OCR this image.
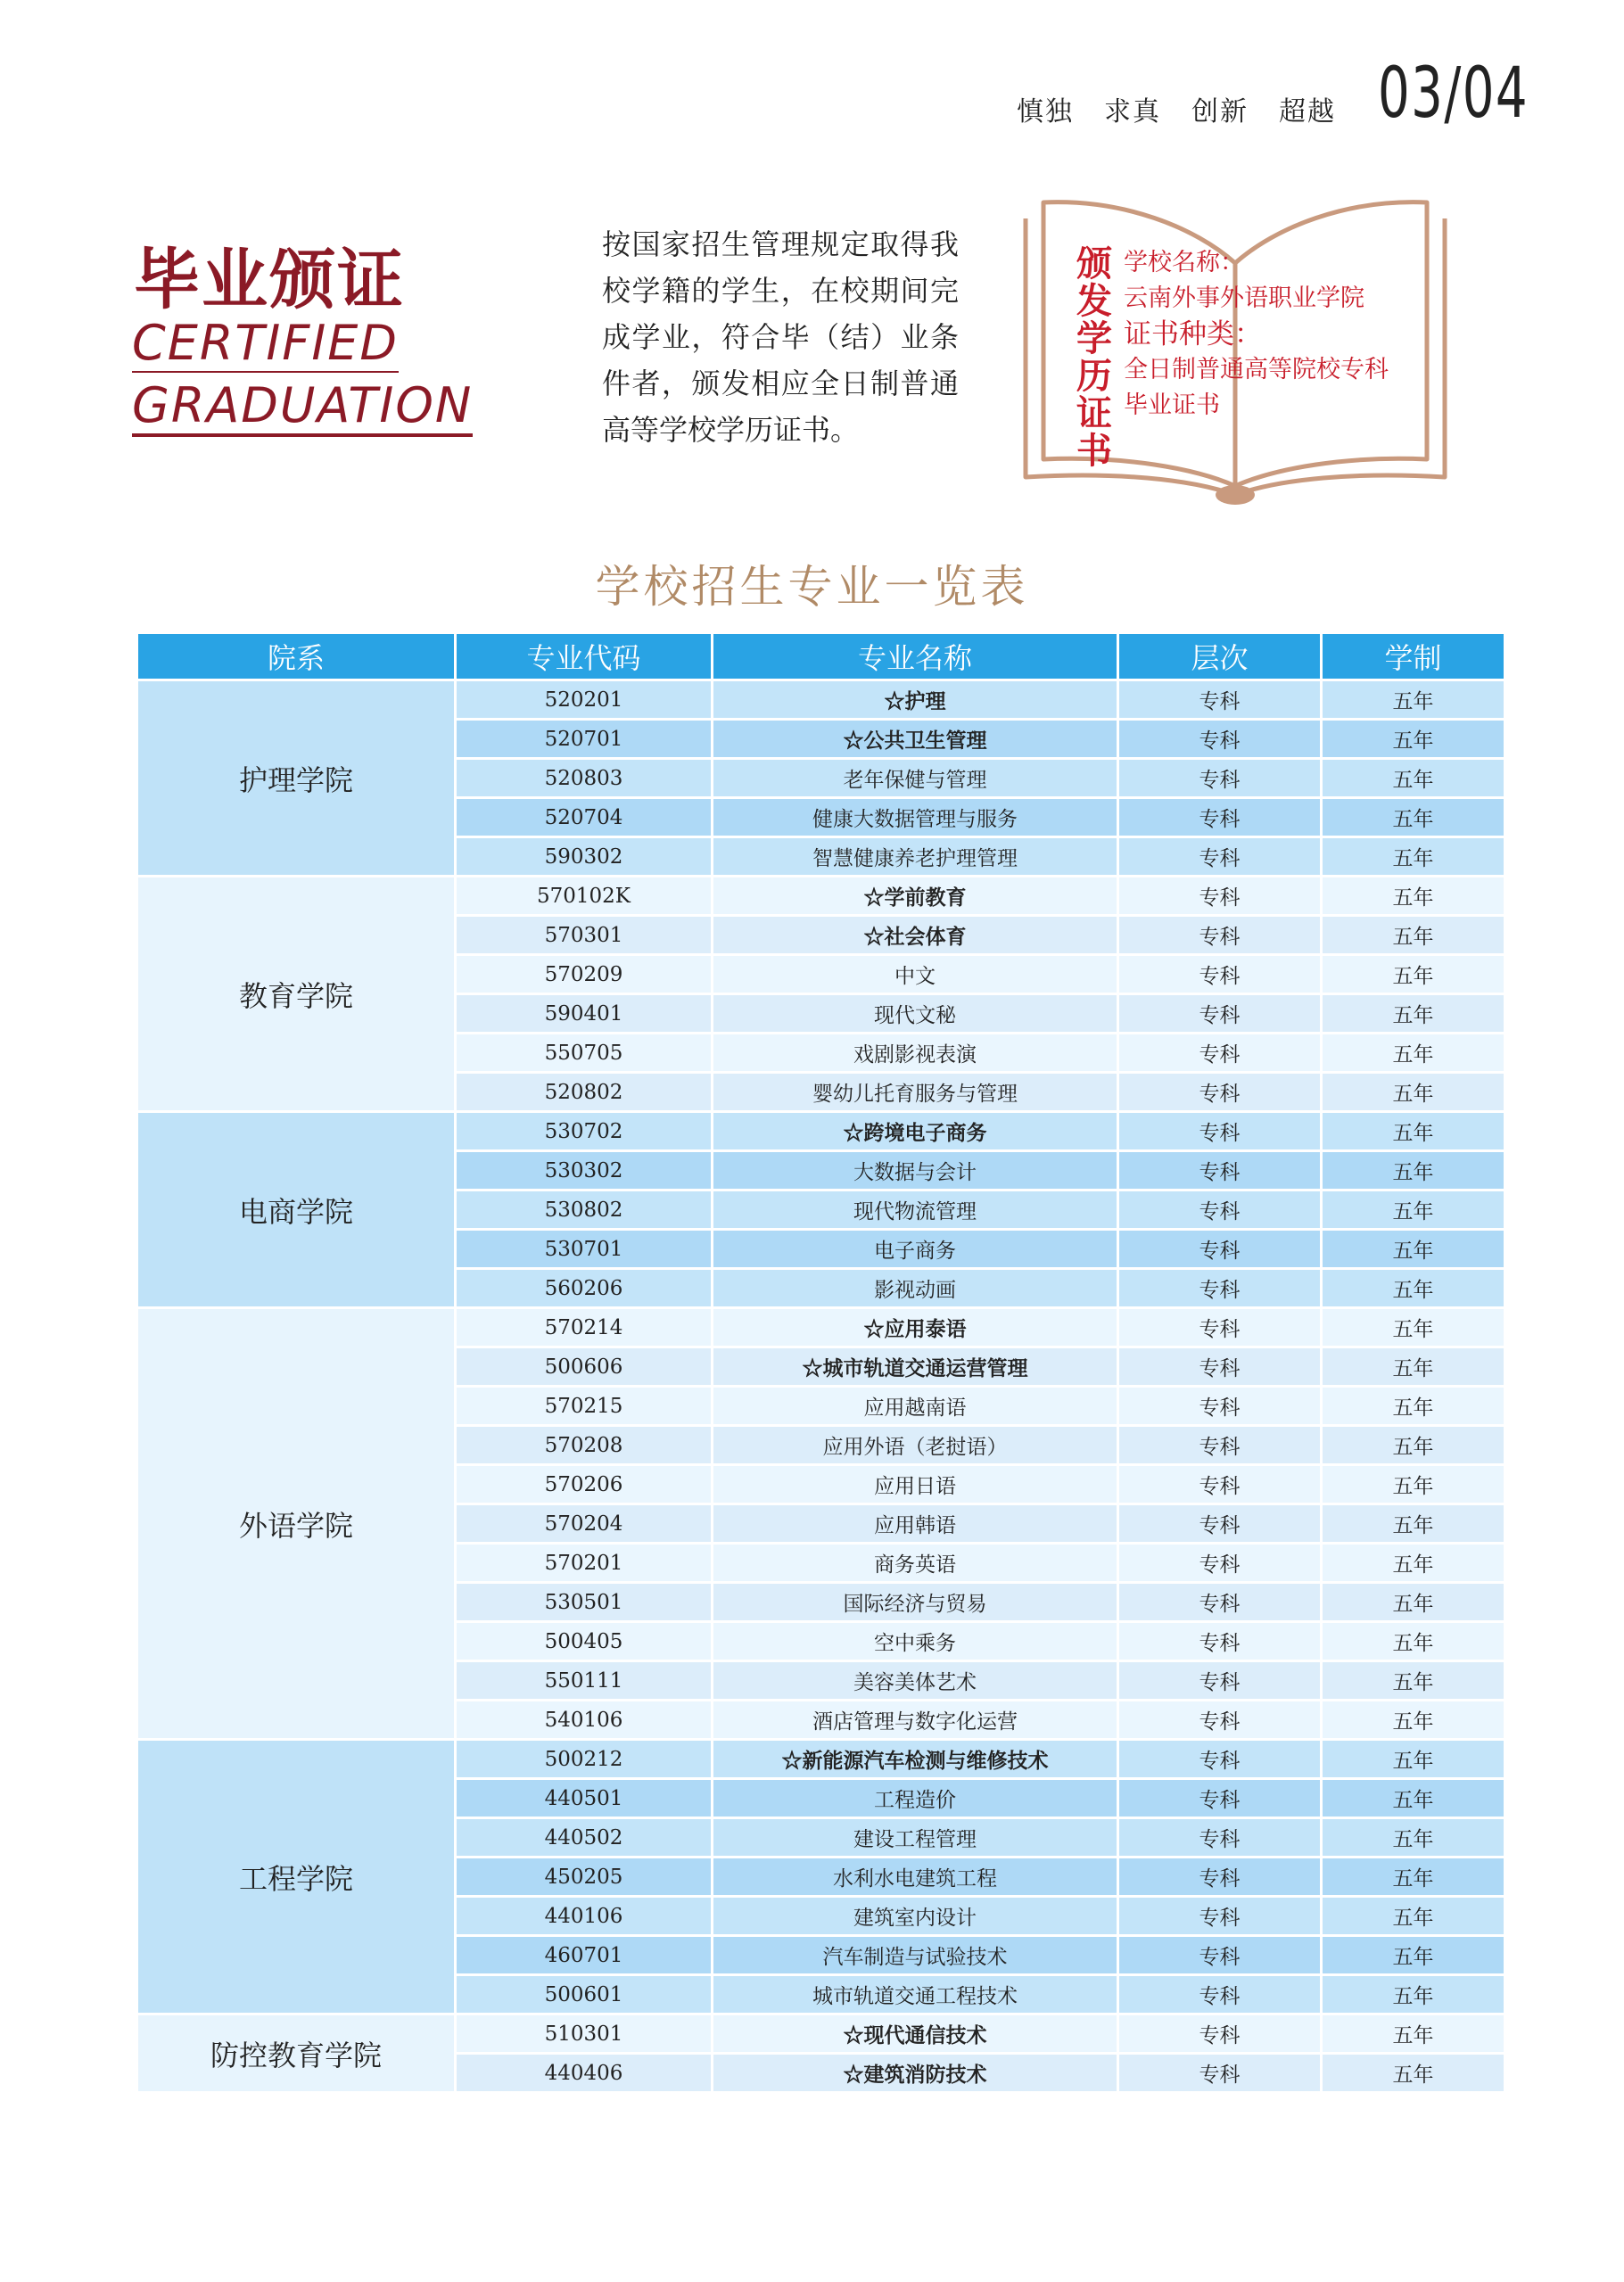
慎独 求真 创新 超越 03/04
毕业颁证
CERTIFIED
GRADUATION
按国家招生管理规定取得我校学籍的学生，在校期间完成学业，符合毕（结）业条件者，颁发相应全日制普通高等学校学历证书。
颁发学历证书
学校名称：
云南外事外语职业学院
证书种类：
全日制普通高等院校专科
毕业证书
学校招生专业一览表
院系	专业代码	专业名称	层次	学制
护理学院	520201	☆护理	专科	五年
	520701	☆公共卫生管理	专科	五年
	520803	老年保健与管理	专科	五年
	520704	健康大数据管理与服务	专科	五年
	590302	智慧健康养老护理管理	专科	五年
教育学院	570102K	☆学前教育	专科	五年
	570301	☆社会体育	专科	五年
	570209	中文	专科	五年
	590401	现代文秘	专科	五年
	550705	戏剧影视表演	专科	五年
	520802	婴幼儿托育服务与管理	专科	五年
电商学院	530702	☆跨境电子商务	专科	五年
	530302	大数据与会计	专科	五年
	530802	现代物流管理	专科	五年
	530701	电子商务	专科	五年
	560206	影视动画	专科	五年
外语学院	570214	☆应用泰语	专科	五年
	500606	☆城市轨道交通运营管理	专科	五年
	570215	应用越南语	专科	五年
	570208	应用外语（老挝语）	专科	五年
	570206	应用日语	专科	五年
	570204	应用韩语	专科	五年
	570201	商务英语	专科	五年
	530501	国际经济与贸易	专科	五年
	500405	空中乘务	专科	五年
	550111	美容美体艺术	专科	五年
	540106	酒店管理与数字化运营	专科	五年
工程学院	500212	☆新能源汽车检测与维修技术	专科	五年
	440501	工程造价	专科	五年
	440502	建设工程管理	专科	五年
	450205	水利水电建筑工程	专科	五年
	440106	建筑室内设计	专科	五年
	460701	汽车制造与试验技术	专科	五年
	500601	城市轨道交通工程技术	专科	五年
防控教育学院	510301	☆现代通信技术	专科	五年
	440406	☆建筑消防技术	专科	五年
